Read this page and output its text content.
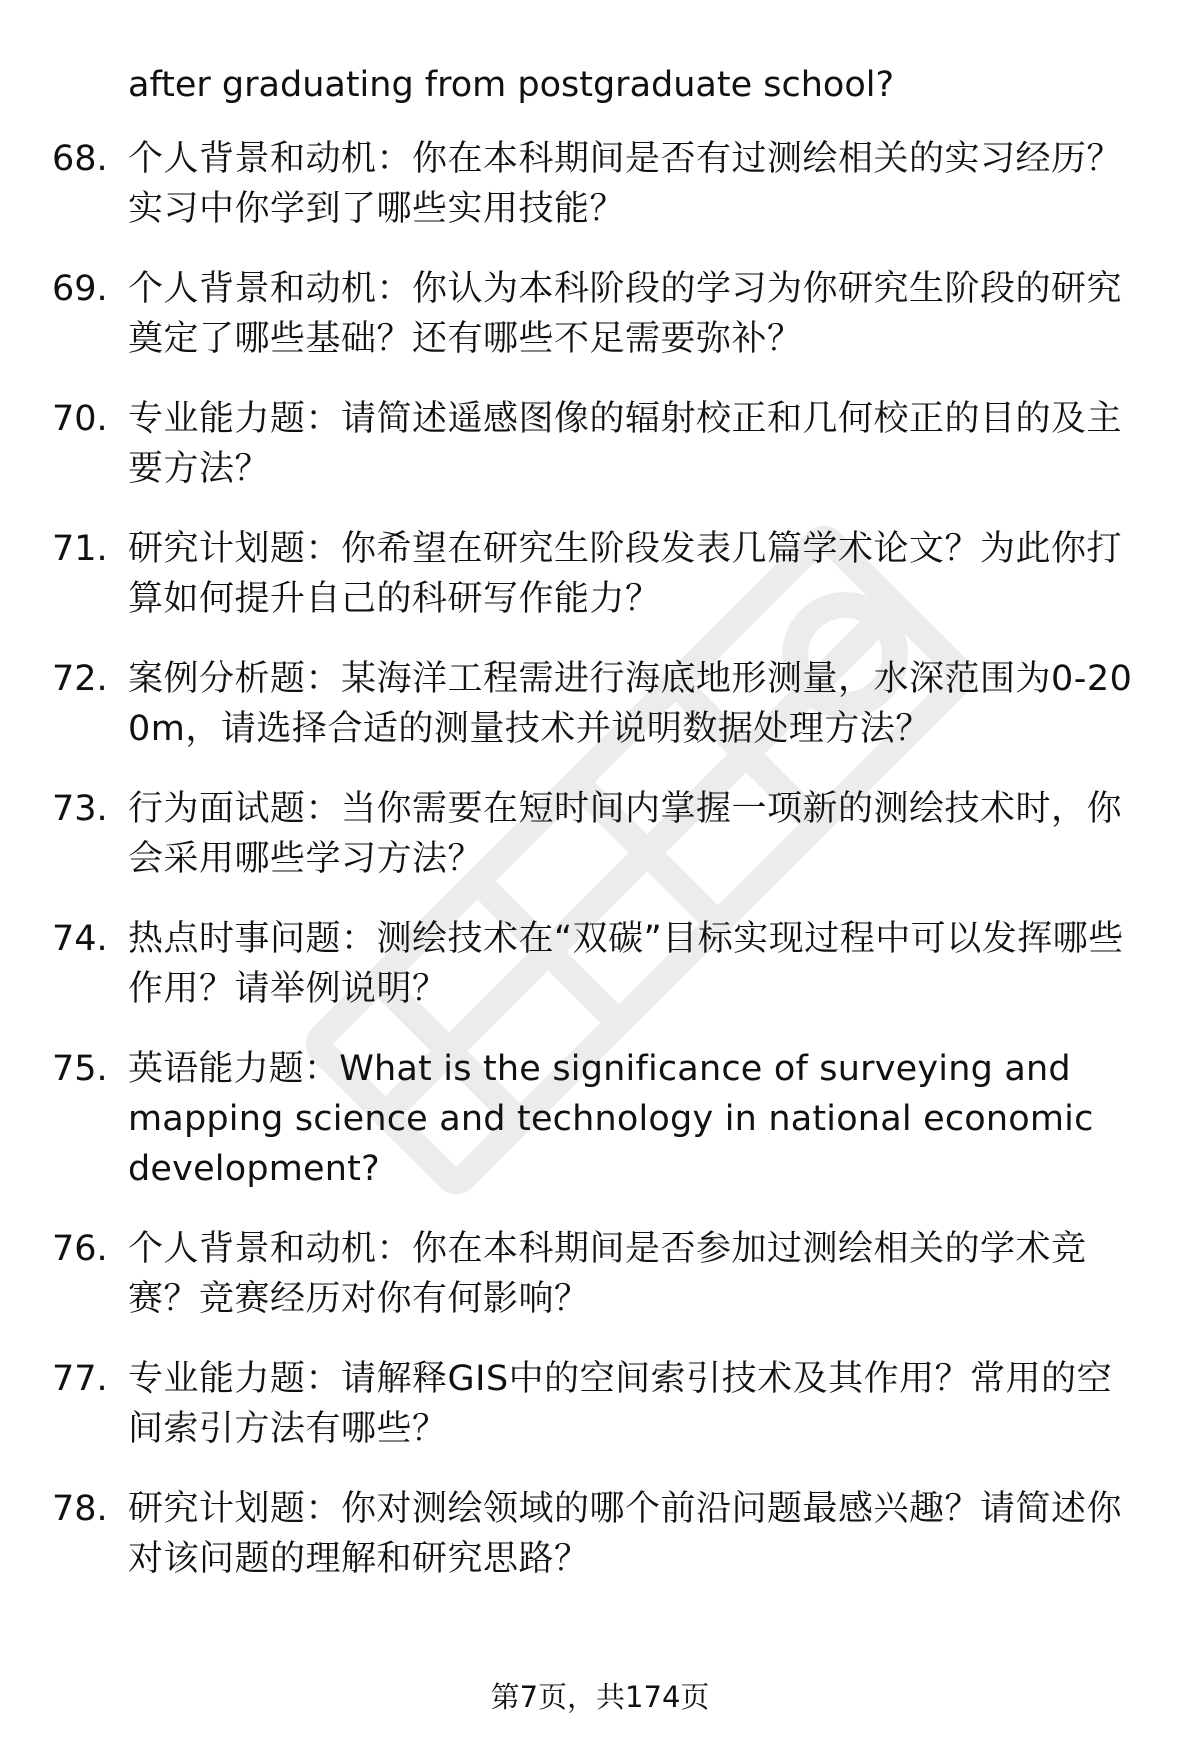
after graduating from postgraduate school?
68. 个人背景和动机：你在本科期间是否有过测绘相关的实习经历？实习中你学到了哪些实用技能？
69. 个人背景和动机：你认为本科阶段的学习为你研究生阶段的研究奠定了哪些基础？还有哪些不足需要弥补？
70. 专业能力题：请简述遥感图像的辐射校正和几何校正的目的及主要方法？
71. 研究计划题：你希望在研究生阶段发表几篇学术论文？为此你打算如何提升自己的科研写作能力？
72. 案例分析题：某海洋工程需进行海底地形测量，水深范围为0-200m，请选择合适的测量技术并说明数据处理方法？
73. 行为面试题：当你需要在短时间内掌握一项新的测绘技术时，你会采用哪些学习方法？
74. 热点时事问题：测绘技术在“双碳”目标实现过程中可以发挥哪些作用？请举例说明？
75. 英语能力题：What is the significance of surveying and mapping science and technology in national economic development?
76. 个人背景和动机：你在本科期间是否参加过测绘相关的学术竞赛？竞赛经历对你有何影响？
77. 专业能力题：请解释GIS中的空间索引技术及其作用？常用的空间索引方法有哪些？
78. 研究计划题：你对测绘领域的哪个前沿问题最感兴趣？请简述你对该问题的理解和研究思路？
第7页，共174页
